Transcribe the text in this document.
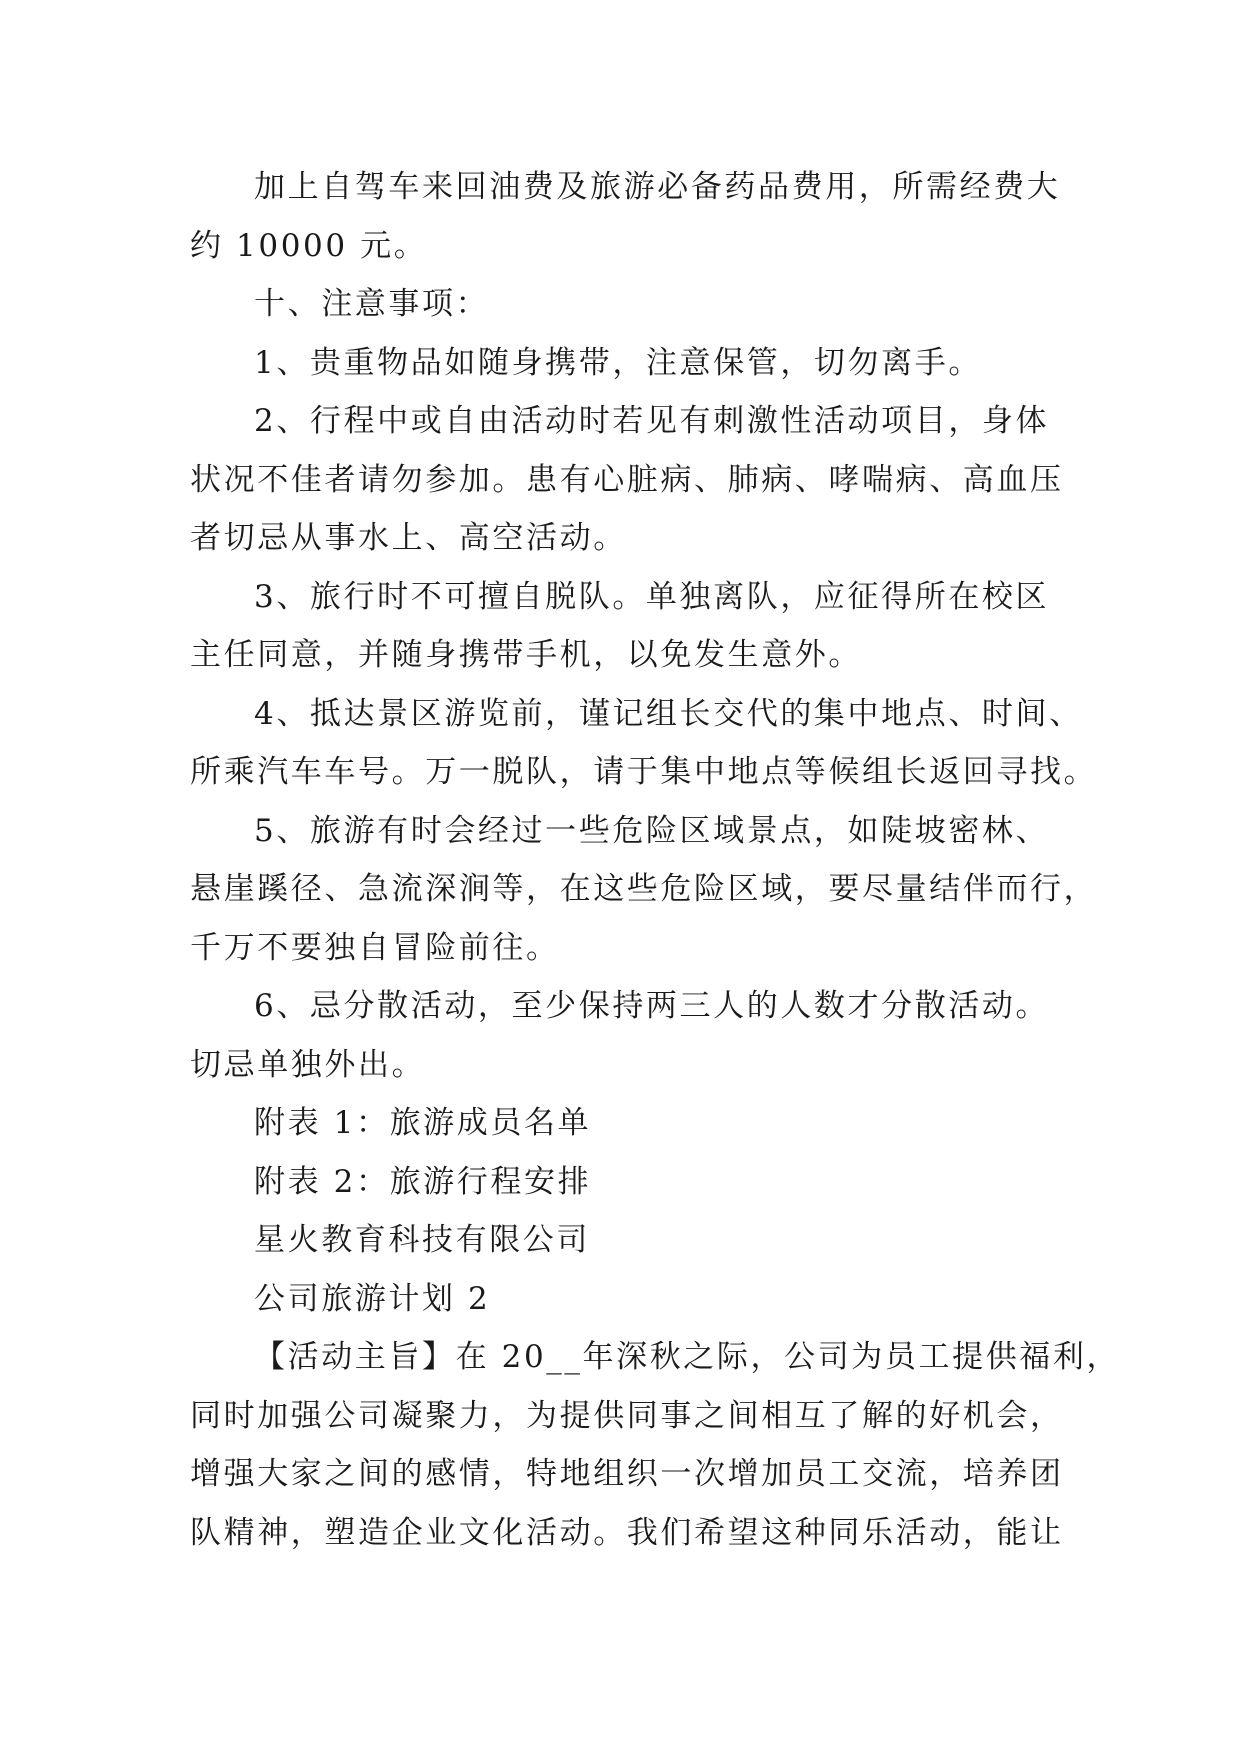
加上自驾车来回油费及旅游必备药品费用，所需经费大
约 10000 元。
十、注意事项：
1、贵重物品如随身携带，注意保管，切勿离手。
2、行程中或自由活动时若见有刺激性活动项目，身体
状况不佳者请勿参加。患有心脏病、肺病、哮喘病、高血压
者切忌从事水上、高空活动。
3、旅行时不可擅自脱队。单独离队，应征得所在校区
主任同意，并随身携带手机，以免发生意外。
4、抵达景区游览前，谨记组长交代的集中地点、时间、
所乘汽车车号。万一脱队，请于集中地点等候组长返回寻找。
5、旅游有时会经过一些危险区域景点，如陡坡密林、
悬崖蹊径、急流深涧等，在这些危险区域，要尽量结伴而行，
千万不要独自冒险前往。
6、忌分散活动，至少保持两三人的人数才分散活动。
切忌单独外出。
附表 1：旅游成员名单
附表 2：旅游行程安排
星火教育科技有限公司
公司旅游计划 2
【活动主旨】在 20__年深秋之际，公司为员工提供福利，
同时加强公司凝聚力，为提供同事之间相互了解的好机会，
增强大家之间的感情，特地组织一次增加员工交流，培养团
队精神，塑造企业文化活动。我们希望这种同乐活动，能让
